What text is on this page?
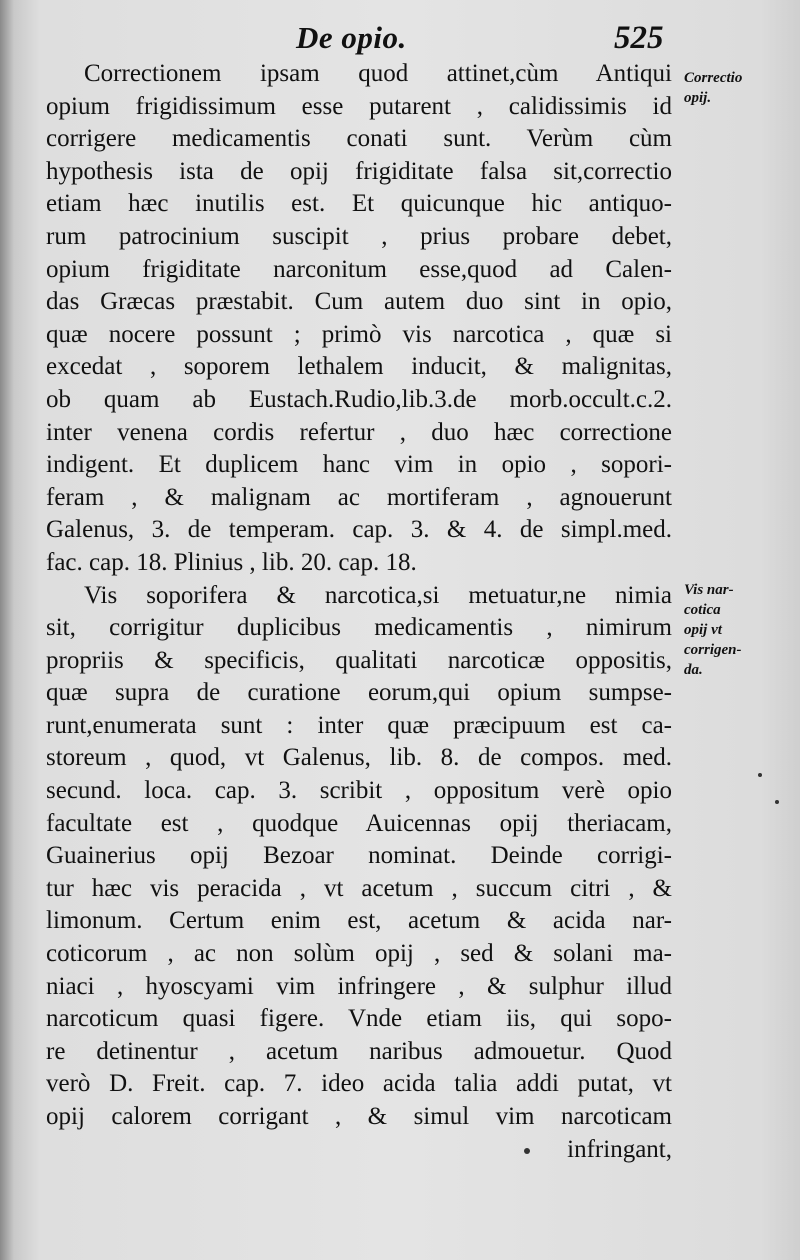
De opio.	525
Correctionem ipsam quod attinet,cùm Antiqui
opium frigidissimum esse putarent , calidissimis id
corrigere medicamentis conati sunt. Verùm cùm
hypothesis ista de opij frigiditate falsa sit,correctio
etiam hæc inutilis est. Et quicunque hic antiquo-
rum patrocinium suscipit , prius probare debet,
opium frigiditate narconitum esse,quod ad Calen-
das Græcas præstabit. Cum autem duo sint in opio,
quæ nocere possunt ; primò vis narcotica , quæ si
excedat , soporem lethalem inducit, & malignitas,
ob quam ab Eustach.Rudio,lib.3.de morb.occult.c.2.
inter venena cordis refertur , duo hæc correctione
indigent. Et duplicem hanc vim in opio , sopori-
feram , & malignam ac mortiferam , agnouerunt
Galenus, 3. de temperam. cap. 3. & 4. de simpl.med.
fac. cap. 18. Plinius , lib. 20. cap. 18.
Vis soporifera & narcotica,si metuatur,ne nimia
sit, corrigitur duplicibus medicamentis , nimirum
propriis & specificis, qualitati narcoticæ oppositis,
quæ supra de curatione eorum,qui opium sumpse-
runt,enumerata sunt : inter quæ præcipuum est ca-
storeum , quod, vt Galenus, lib. 8. de compos. med.
secund. loca. cap. 3. scribit , oppositum verè opio
facultate est , quodque Auicennas opij theriacam,
Guainerius opij Bezoar nominat. Deinde corrigi-
tur hæc vis peracida , vt acetum , succum citri , &
limonum. Certum enim est, acetum & acida nar-
coticorum , ac non solùm opij , sed & solani ma-
niaci , hyoscyami vim infringere , & sulphur illud
narcoticum quasi figere. Vnde etiam iis, qui sopo-
re detinentur , acetum naribus admouetur. Quod
verò D. Freit. cap. 7. ideo acida talia addi putat, vt
opij calorem corrigant , & simul vim narcoticam
infringant,
Correctio
opij.
Vis nar-
cotica
opij vt
corrigen-
da.
